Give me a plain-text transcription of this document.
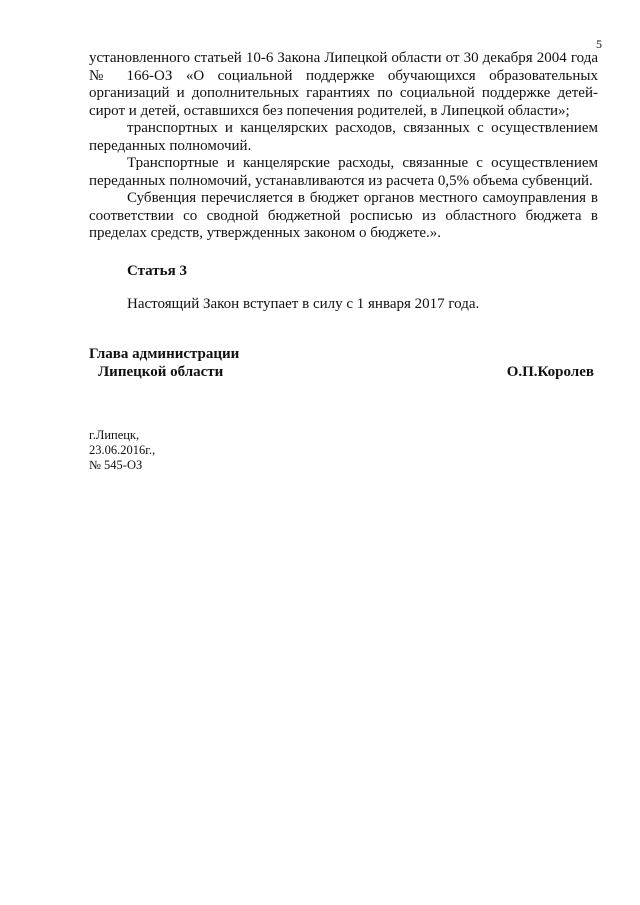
5

установленного статьей 10-6 Закона Липецкой области от 30 декабря 2004 года № 166-ОЗ «О социальной поддержке обучающихся образовательных организаций и дополнительных гарантиях по социальной поддержке детей-сирот и детей, оставшихся без попечения родителей, в Липецкой области»;

транспортных и канцелярских расходов, связанных с осуществлением переданных полномочий.

Транспортные и канцелярские расходы, связанные с осуществлением переданных полномочий, устанавливаются из расчета 0,5% объема субвенций.

Субвенция перечисляется в бюджет органов местного самоуправления в соответствии со сводной бюджетной росписью из областного бюджета в пределах средств, утвержденных законом о бюджете.».

Статья 3
Настоящий Закон вступает в силу с 1 января 2017 года.
Глава администрации
Липецкой области	О.П.Королев
г.Липецк,
23.06.2016г.,
№ 545-ОЗ
